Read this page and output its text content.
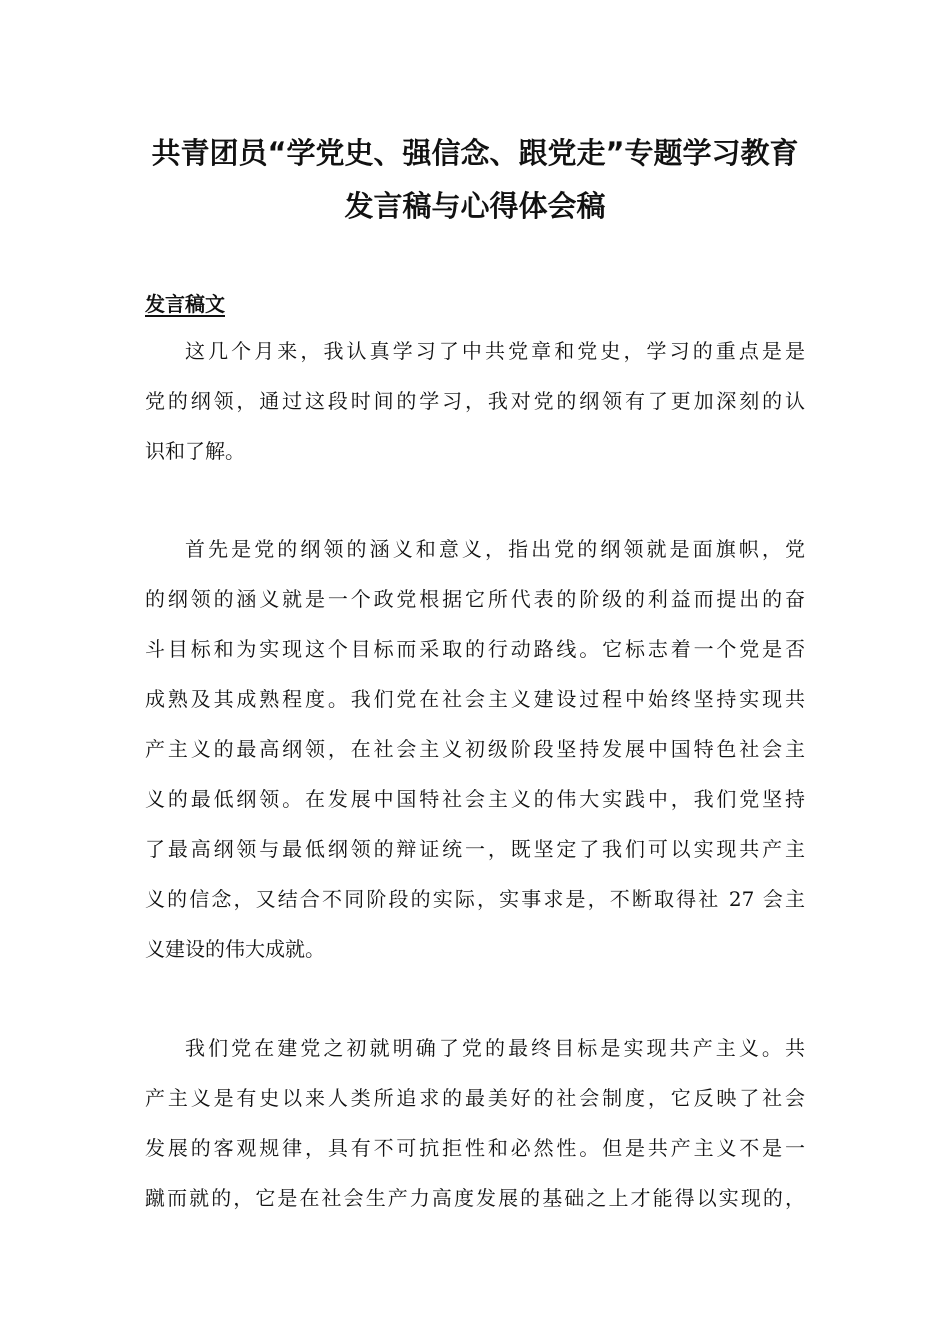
共青团员“学党史、强信念、跟党走”专题学习教育
发言稿与心得体会稿
发言稿文
这几个月来，我认真学习了中共党章和党史，学习的重点是是
党的纲领，通过这段时间的学习，我对党的纲领有了更加深刻的认
识和了解。
首先是党的纲领的涵义和意义，指出党的纲领就是面旗帜，党
的纲领的涵义就是一个政党根据它所代表的阶级的利益而提出的奋
斗目标和为实现这个目标而采取的行动路线。它标志着一个党是否
成熟及其成熟程度。我们党在社会主义建设过程中始终坚持实现共
产主义的最高纲领，在社会主义初级阶段坚持发展中国特色社会主
义的最低纲领。在发展中国特社会主义的伟大实践中，我们党坚持
了最高纲领与最低纲领的辩证统一，既坚定了我们可以实现共产主
义的信念，又结合不同阶段的实际，实事求是，不断取得社 27 会主
义建设的伟大成就。
我们党在建党之初就明确了党的最终目标是实现共产主义。共
产主义是有史以来人类所追求的最美好的社会制度，它反映了社会
发展的客观规律，具有不可抗拒性和必然性。但是共产主义不是一
蹴而就的，它是在社会生产力高度发展的基础之上才能得以实现的，
